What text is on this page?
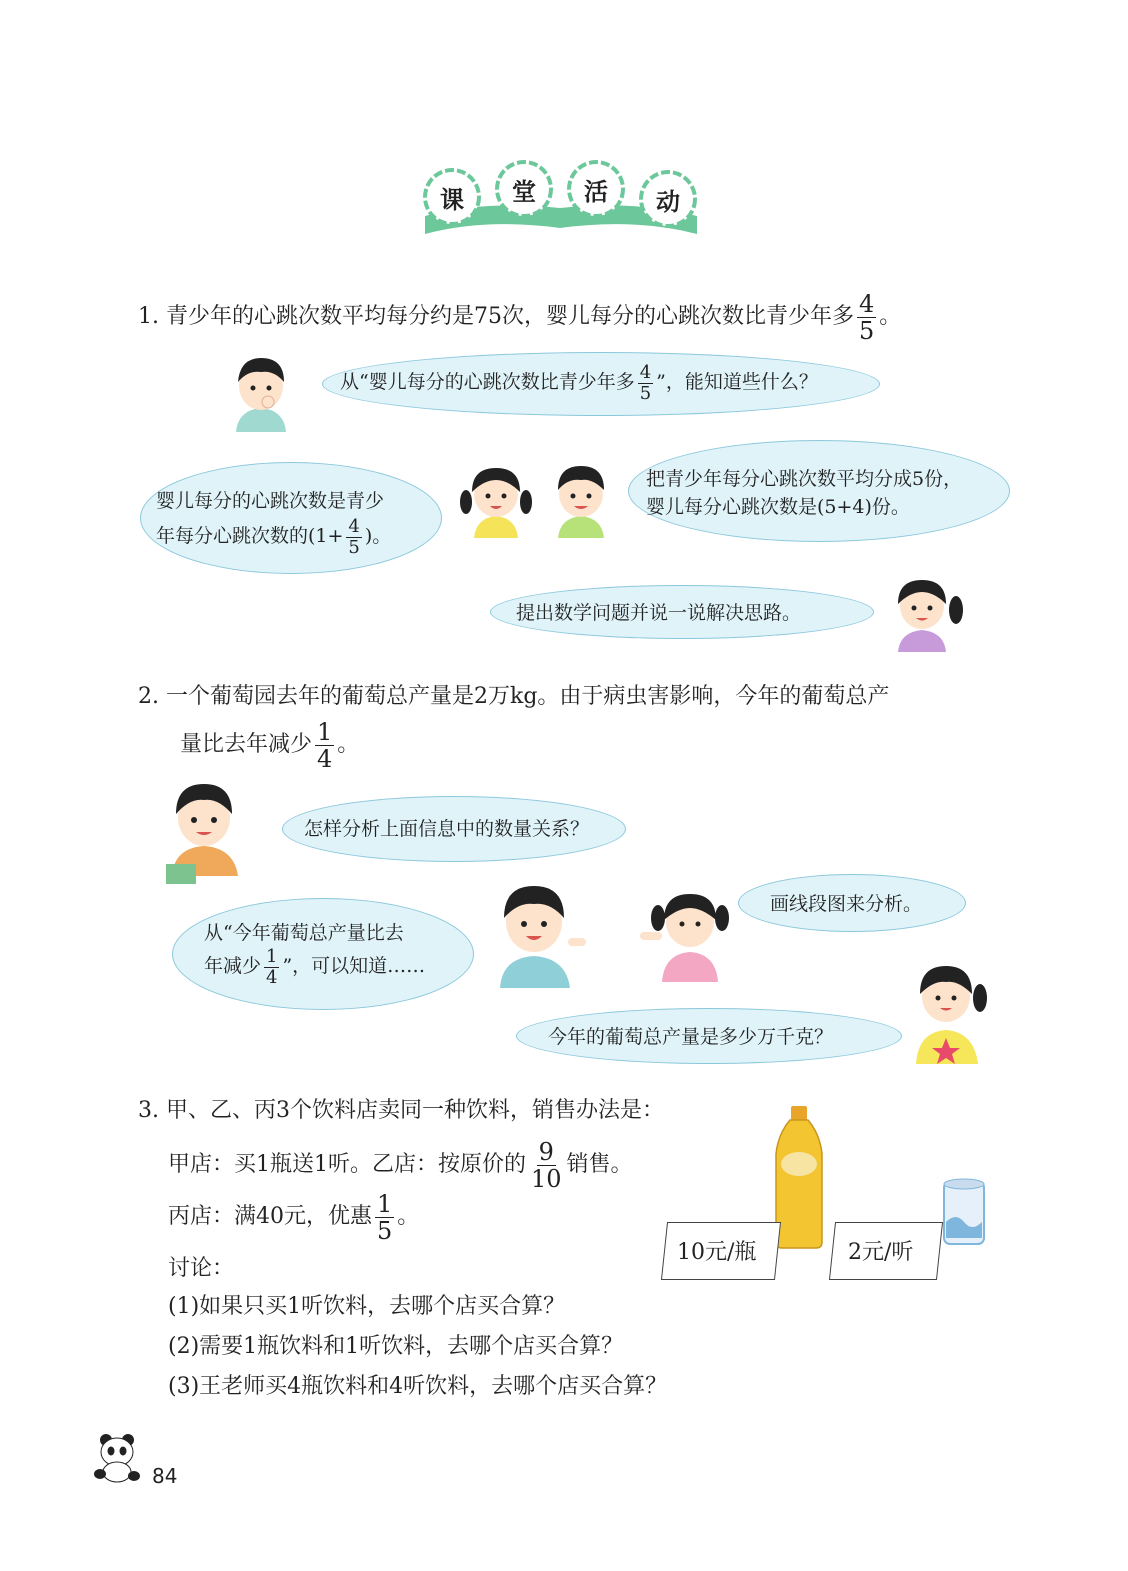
课	堂	活	动
1. 青少年的心跳次数平均每分约是75次，婴儿每分的心跳次数比青少年多 $\frac{4}{5}$ 。
从“婴儿每分的心跳次数比青少年多 $\frac{4}{5}$ ”，能知道些什么？
婴儿每分的心跳次数是青少
年每分心跳次数的($1+ \frac{4}{5}$ )。
把青少年每分心跳次数平均分成5份，
婴儿每分心跳次数是(5+4)份。
提出数学问题并说一说解决思路。
2. 一个葡萄园去年的葡萄总产量是2万kg。由于病虫害影响，今年的葡萄总产
量比去年减少 $\frac{1}{4}$ 。
怎样分析上面信息中的数量关系？
从“今年葡萄总产量比去
年减少 $\frac{1}{4}$ ”，可以知道……
画线段图来分析。
今年的葡萄总产量是多少万千克？
3. 甲、乙、丙3个饮料店卖同一种饮料，销售办法是：
甲店：买1瓶送1听。乙店：按原价的 $\frac{9}{10}$ 销售。
丙店：满40元，优惠 $\frac{1}{5}$ 。
讨论：
(1)如果只买1听饮料，去哪个店买合算？
(2)需要1瓶饮料和1听饮料，去哪个店买合算？
(3)王老师买4瓶饮料和4听饮料，去哪个店买合算？
10元/瓶	2元/听
84
